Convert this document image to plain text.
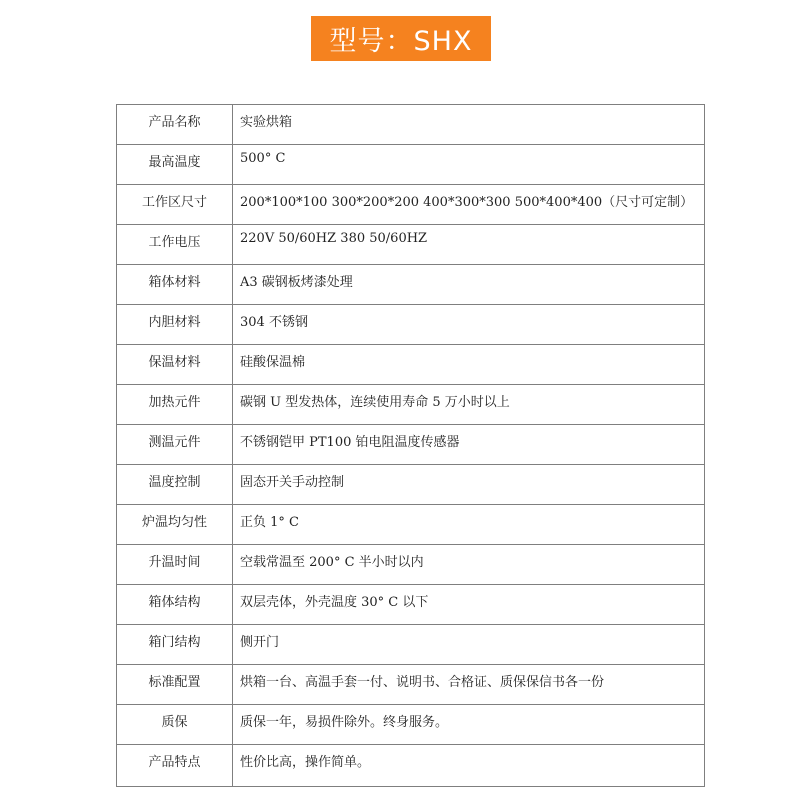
型号：SHX
产品名称	实验烘箱
最高温度	500° C
工作区尺寸	200*100*100 300*200*200 400*300*300 500*400*400（尺寸可定制）
工作电压	220V 50/60HZ 380 50/60HZ
箱体材料	A3 碳钢板烤漆处理
内胆材料	304 不锈钢
保温材料	硅酸保温棉
加热元件	碳钢 U 型发热体，连续使用寿命 5 万小时以上
测温元件	不锈钢铠甲 PT100 铂电阻温度传感器
温度控制	固态开关手动控制
炉温均匀性	正负 1° C
升温时间	空载常温至 200° C 半小时以内
箱体结构	双层壳体，外壳温度 30° C 以下
箱门结构	侧开门
标准配置	烘箱一台、高温手套一付、说明书、合格证、质保保信书各一份
质保	质保一年，易损件除外。终身服务。
产品特点	性价比高，操作简单。
